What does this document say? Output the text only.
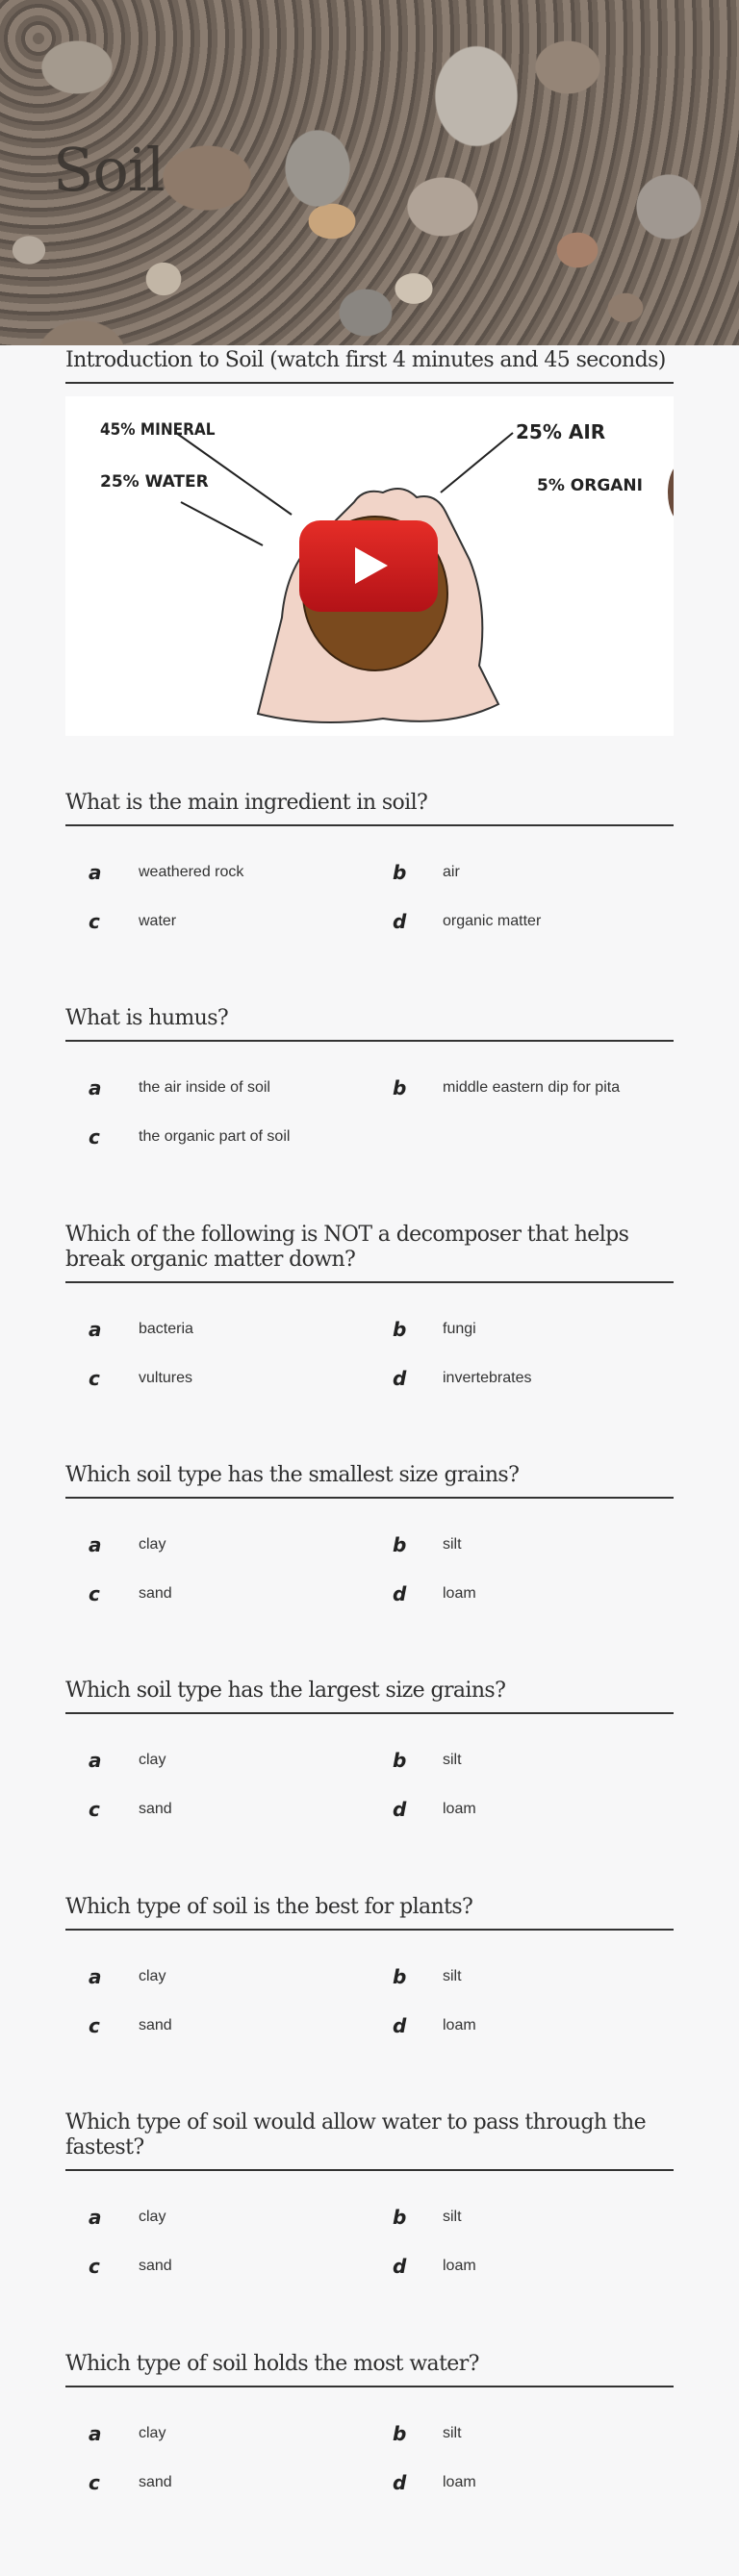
Soil
Introduction to Soil (watch first 4 minutes and 45 seconds)
45% MINERAL	25% AIR
25% WATER	5% ORGANI
What is the main ingredient in soil?
a	weathered rock	b	air
c	water	d	organic matter
What is humus?
a	the air inside of soil	b	middle eastern dip for pita
c	the organic part of soil
Which of the following is NOT a decomposer that helps break organic matter down?
a	bacteria	b	fungi
c	vultures	d	invertebrates
Which soil type has the smallest size grains?
a	clay	b	silt
c	sand	d	loam
Which soil type has the largest size grains?
a	clay	b	silt
c	sand	d	loam
Which type of soil is the best for plants?
a	clay	b	silt
c	sand	d	loam
Which type of soil would allow water to pass through the fastest?
a	clay	b	silt
c	sand	d	loam
Which type of soil holds the most water?
a	clay	b	silt
c	sand	d	loam
